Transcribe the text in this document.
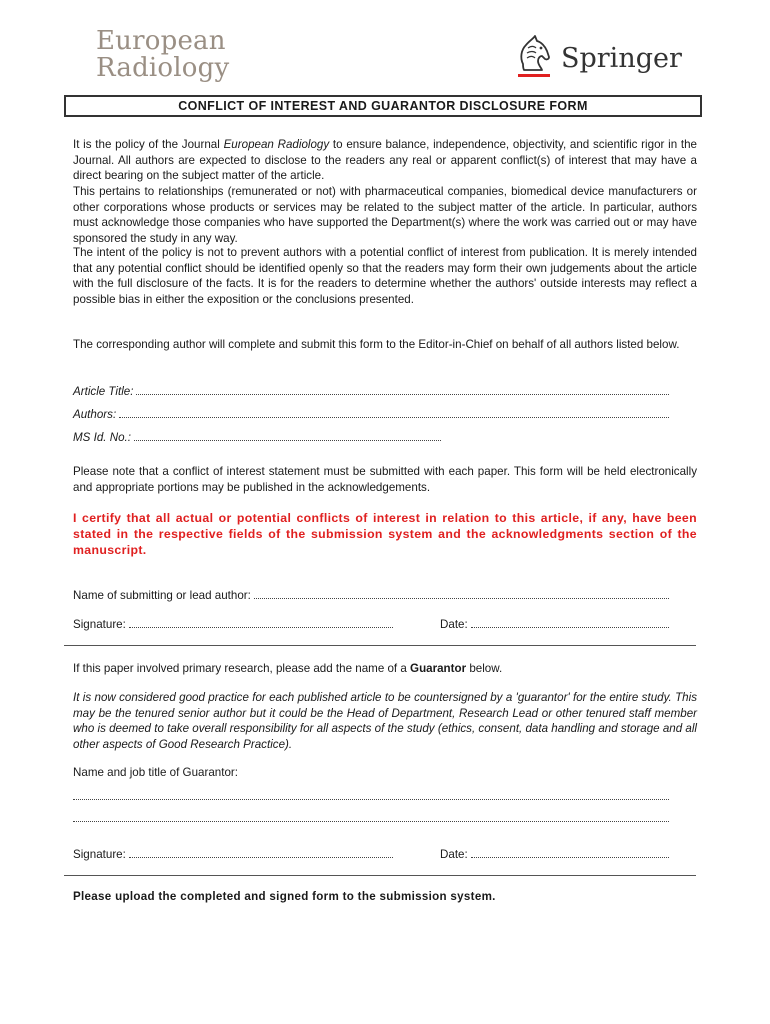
European
Radiology	Springer
CONFLICT OF INTEREST AND GUARANTOR DISCLOSURE FORM

It is the policy of the Journal European Radiology to ensure balance, independence, objectivity, and scientific rigor in the Journal. All authors are expected to disclose to the readers any real or apparent conflict(s) of interest that may have a direct bearing on the subject matter of the article.

This pertains to relationships (remunerated or not) with pharmaceutical companies, biomedical device manufacturers or other corporations whose products or services may be related to the subject matter of the article. In particular, authors must acknowledge those companies who have supported the Department(s) where the work was carried out or may have sponsored the study in any way.

The intent of the policy is not to prevent authors with a potential conflict of interest from publication. It is merely intended that any potential conflict should be identified openly so that the readers may form their own judgements about the article with the full disclosure of the facts. It is for the readers to determine whether the authors' outside interests may reflect a possible bias in either the exposition or the conclusions presented.

The corresponding author will complete and submit this form to the Editor-in-Chief on behalf of all authors listed below.

Article Title:
Authors:
MS Id. No.:

Please note that a conflict of interest statement must be submitted with each paper. This form will be held electronically and appropriate portions may be published in the acknowledgements.

I certify that all actual or potential conflicts of interest in relation to this article, if any, have been stated in the respective fields of the submission system and the acknowledgments section of the manuscript.

Name of submitting or lead author:
Signature:	Date:

If this paper involved primary research, please add the name of a Guarantor below.

It is now considered good practice for each published article to be countersigned by a 'guarantor' for the entire study. This may be the tenured senior author but it could be the Head of Department, Research Lead or other tenured staff member who is deemed to take overall responsibility for all aspects of the study (ethics, consent, data handling and storage and all other aspects of Good Research Practice).

Name and job title of Guarantor:

Signature:	Date:
Please upload the completed and signed form to the submission system.
